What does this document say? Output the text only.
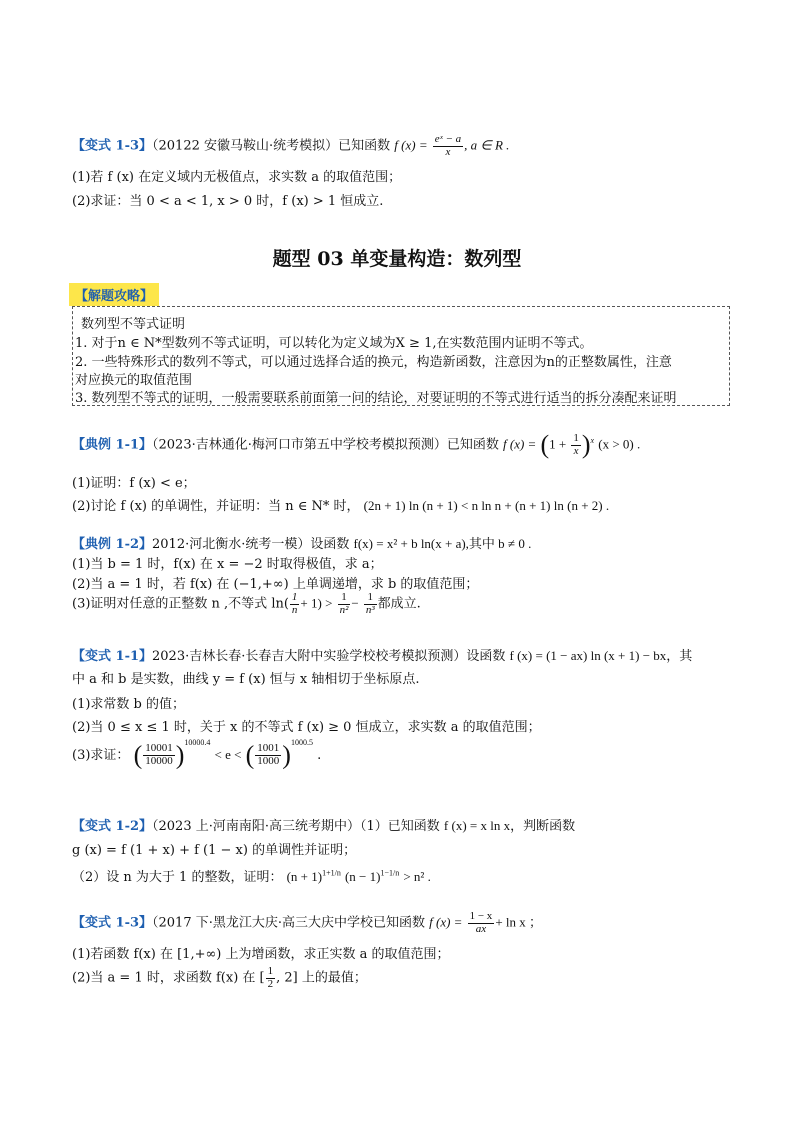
【变式 1-3】（20122 安徽马鞍山·统考模拟）已知函数 f $(x) = \frac{\text{eˣ − a}}{x}$ , a ∈ R .
(1)若 f (x) 在定义域内无极值点，求实数 a 的取值范围；
(2)求证：当 0 < a < 1, x > 0 时，f (x) > 1 恒成立.
题型 03 单变量构造：数列型
【解题攻略】
数列型不等式证明
1. 对于n ∈ N*型数列不等式证明，可以转化为定义域为X ≥ 1,在实数范围内证明不等式。
2. 一些特殊形式的数列不等式，可以通过选择合适的换元，构造新函数，注意因为n的正整数属性，注意
对应换元的取值范围
3. 数列型不等式的证明，一般需要联系前面第一问的结论，对要证明的不等式进行适当的拆分凑配来证明
【典例 1-1】（2023·吉林通化·梅河口市第五中学校考模拟预测）已知函数 f $(x) = (1 + \frac{1}{x} )^x$ (x > 0) .
(1)证明：f (x) < e；
(2)讨论 f (x) 的单调性，并证明：当 n ∈ N* 时， (2n + 1) ln (n + 1) < n ln n + (n + 1) ln (n + 2) .
【典例 1-2】2012·河北衡水·统考一模）设函数 f(x) = x² + b ln(x + a),其中 b ≠ 0 .
(1)当 b = 1 时，f(x) 在 x = −2 时取得极值，求 a；
(2)当 a = 1 时，若 f(x) 在 (−1,+∞) 上单调递增，求 b 的取值范围；
(3)证明对任意的正整数 n ,不等式 $\ln( \frac{1}{n} + 1) > \frac{1}{\text{n²}} - \frac{1}{\text{n³}}$ 都成立.
【变式 1-1】2023·吉林长春·长春吉大附中实验学校校考模拟预测）设函数 f (x) = (1 − ax) ln (x + 1) − bx，其
中 a 和 b 是实数，曲线 y = f (x) 恒与 x 轴相切于坐标原点.
(1)求常数 b 的值；
(2)当 0 ≤ x ≤ 1 时，关于 x 的不等式 f (x) ≥ 0 恒成立，求实数 a 的取值范围；
(3)求证： ( $\frac{10001}{10000} )^{10000.4} < e$ < ( $\frac{1001}{1000} )^{1000.5}$ .
【变式 1-2】（2023 上·河南南阳·高三统考期中）（1）已知函数 f (x) = x ln x，判断函数
g (x) = f (1 + x) + f (1 − x) 的单调性并证明；
（2）设 n 为大于 1 的整数，证明： $(n + 1)^{1+1/n}$ $(n - 1)^{1-1/n} > n^2$ .
【变式 1-3】（2017 下·黑龙江大庆·高三大庆中学校已知函数 f $(x) = \frac{1 - x}{ax} + \ln x$ ；
(1)若函数 f(x) 在 [1,+∞) 上为增函数，求正实数 a 的取值范围；
(2)当 a = 1 时，求函数 f(x) 在 [ $\frac{1}{2}$ , 2] 上的最值；
